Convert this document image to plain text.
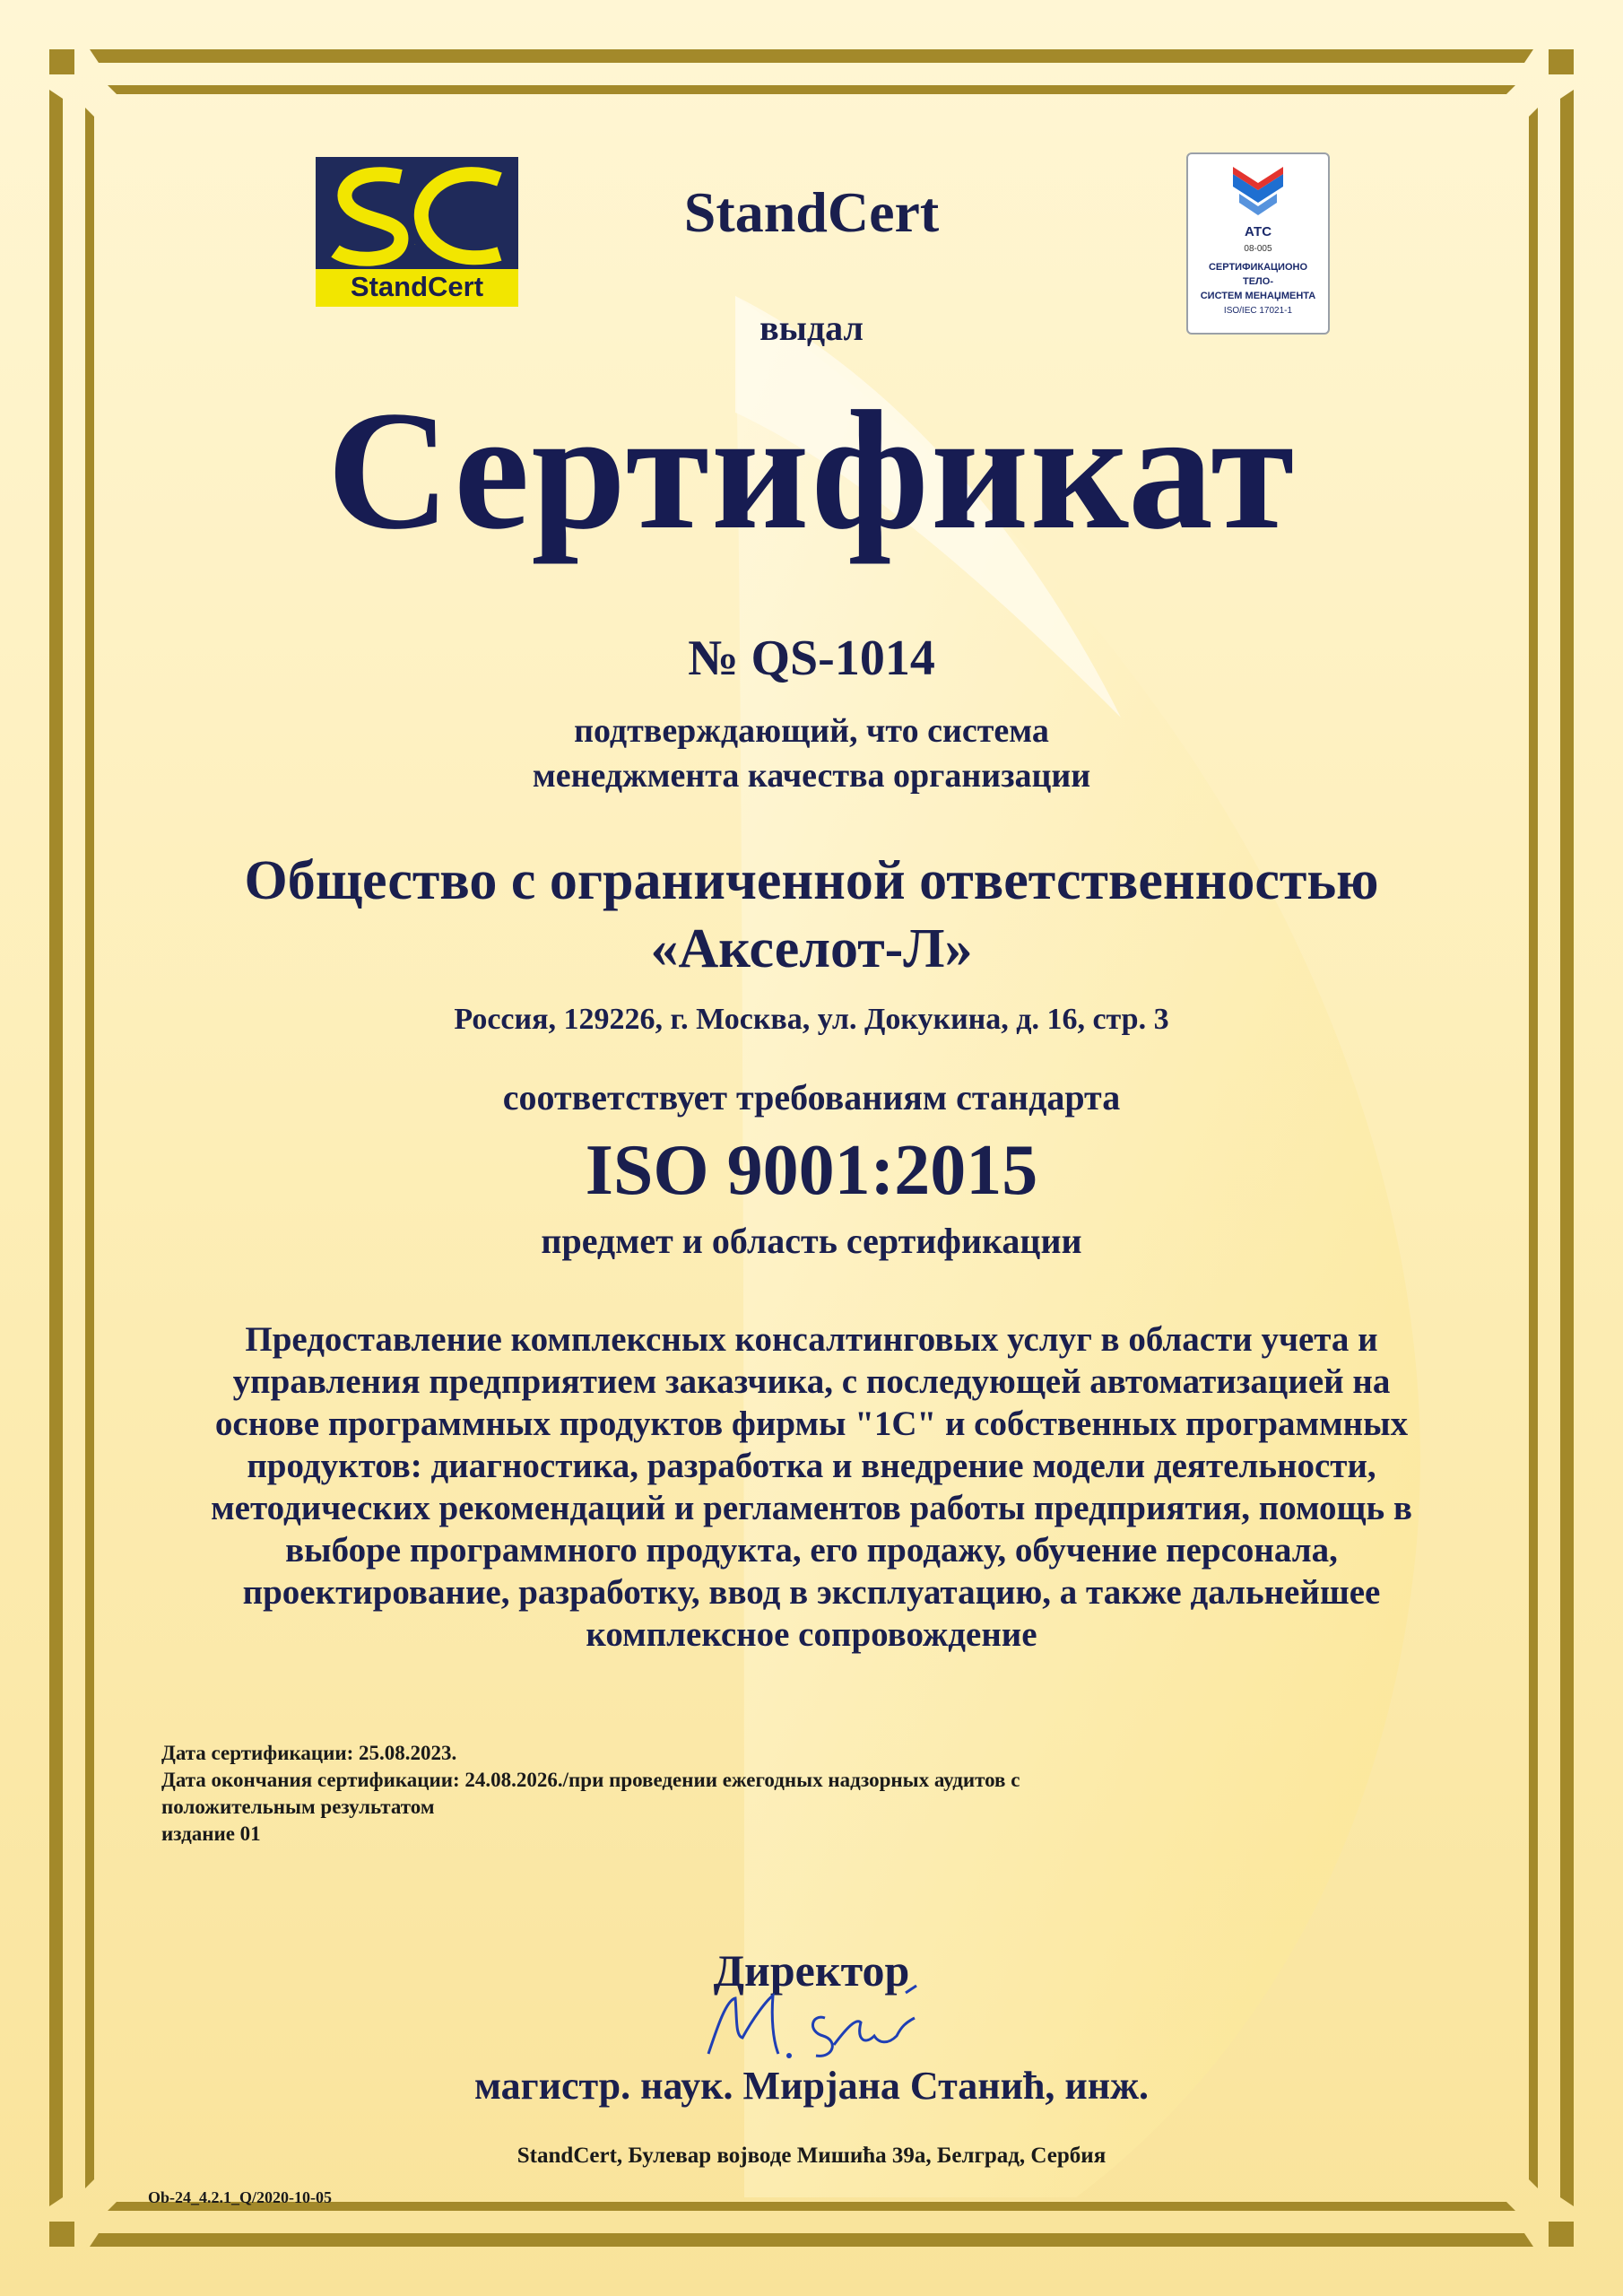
SC
StandCert
АТС
08-005
СЕРТИФИКАЦИОНО
ТЕЛО-
СИСТЕМ МЕНАЏМЕНТА
ISO/IEC 17021-1
StandCert
выдал
Сертификат
№ QS-1014
подтверждающий, что система
менеджмента качества организации
Общество с ограниченной ответственностью
«Акселот-Л»
Россия, 129226, г. Москва, ул. Докукина, д. 16, стр. 3
соответствует требованиям стандарта
ISO 9001:2015
предмет и область сертификации
Предоставление комплексных консалтинговых услуг в области учета и
управления предприятием заказчика, с последующей автоматизацией на
основе программных продуктов фирмы "1С" и собственных программных
продуктов: диагностика, разработка и внедрение модели деятельности,
методических рекомендаций и регламентов работы предприятия, помощь в
выборе программного продукта, его продажу, обучение персонала,
проектирование, разработку, ввод в эксплуатацию, а также дальнейшее
комплексное сопровождение
Дата сертификации: 25.08.2023.
Дата окончания сертификации: 24.08.2026./при проведении ежегодных надзорных аудитов с
положительным результатом
издание 01
Директор
магистр. наук. Мирјана Станић, инж.
StandCert, Булевар војводе Мишића 39а, Белград, Сербия
Ob-24_4.2.1_Q/2020-10-05
